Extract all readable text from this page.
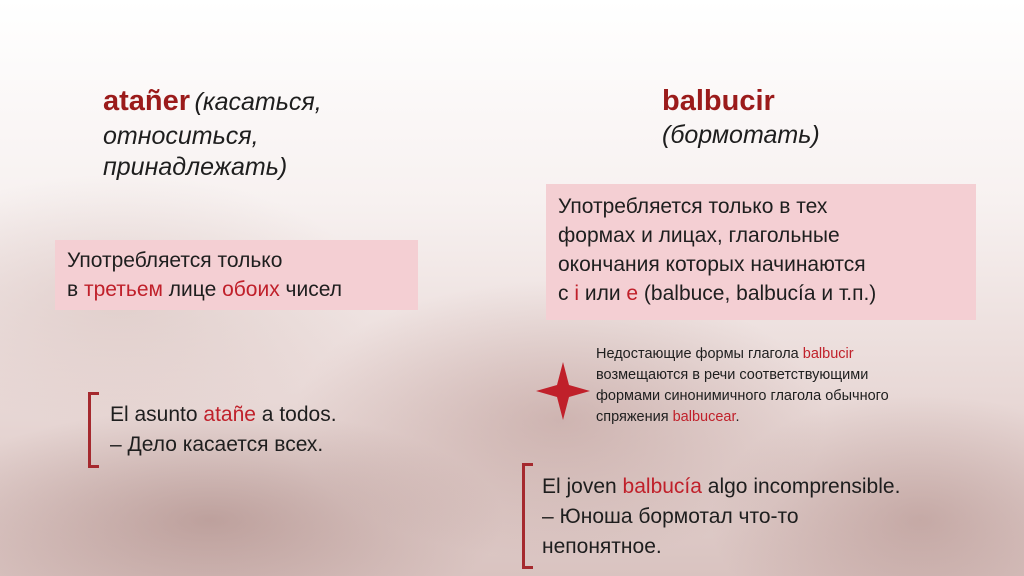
atañer (касаться,
относиться,
принадлежать)
Употребляется только
в третьем лице обоих чисел
El asunto atañe a todos.
– Дело касается всех.
balbucir
(бормотать)
Употребляется только в тех
формах и лицах, глагольные
окончания которых начинаются
с i или e (balbuce, balbucía и т.п.)
Недостающие формы глагола balbucir
возмещаются в речи соответствующими
формами синонимичного глагола обычного
спряжения balbucear.
El joven balbucía algo incomprensible.
– Юноша бормотал что-то
непонятное.
